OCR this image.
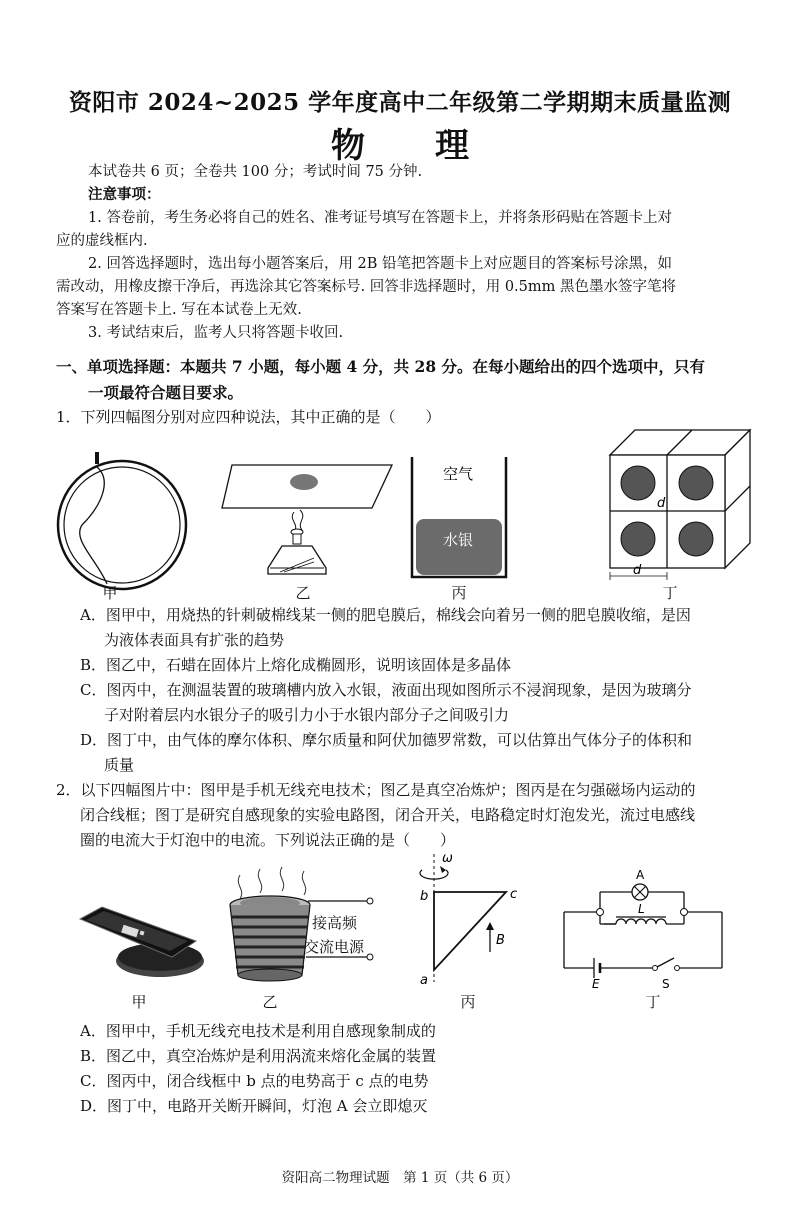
资阳市 2024~2025 学年度高中二年级第二学期期末质量监测
物理
本试卷共 6 页；全卷共 100 分；考试时间 75 分钟.
注意事项：
1. 答卷前，考生务必将自己的姓名、准考证号填写在答题卡上，并将条形码贴在答题卡上对
应的虚线框内.
2. 回答选择题时，选出每小题答案后，用 2B 铅笔把答题卡上对应题目的答案标号涂黑，如
需改动，用橡皮擦干净后，再选涂其它答案标号. 回答非选择题时，用 0.5mm 黑色墨水签字笔将
答案写在答题卡上. 写在本试卷上无效.
3. 考试结束后，监考人只将答题卡收回.
一、单项选择题：本题共 7 小题，每小题 4 分，共 28 分。在每小题给出的四个选项中，只有
一项最符合题目要求。
1．下列四幅图分别对应四种说法，其中正确的是（　　）
甲	乙
空气
水银
丙
d
d
丁
A．图甲中，用烧热的针刺破棉线某一侧的肥皂膜后，棉线会向着另一侧的肥皂膜收缩，是因
为液体表面具有扩张的趋势
B．图乙中，石蜡在固体片上熔化成椭圆形，说明该固体是多晶体
C．图丙中，在测温装置的玻璃槽内放入水银，液面出现如图所示不浸润现象，是因为玻璃分
子对附着层内水银分子的吸引力小于水银内部分子之间吸引力
D．图丁中，由气体的摩尔体积、摩尔质量和阿伏加德罗常数，可以估算出气体分子的体积和
质量
2．以下四幅图片中：图甲是手机无线充电技术；图乙是真空冶炼炉；图丙是在匀强磁场内运动的
闭合线框；图丁是研究自感现象的实验电路图，闭合开关，电路稳定时灯泡发光，流过电感线
圈的电流大于灯泡中的电流。下列说法正确的是（　　）
甲
接高频
交流电源
乙
ω
b	c
a
B
丙
A
L
E	S
丁
A．图甲中，手机无线充电技术是利用自感现象制成的
B．图乙中，真空冶炼炉是利用涡流来熔化金属的装置
C．图丙中，闭合线框中 b 点的电势高于 c 点的电势
D．图丁中，电路开关断开瞬间，灯泡 A 会立即熄灭
资阳高二物理试题　第 1 页（共 6 页）
